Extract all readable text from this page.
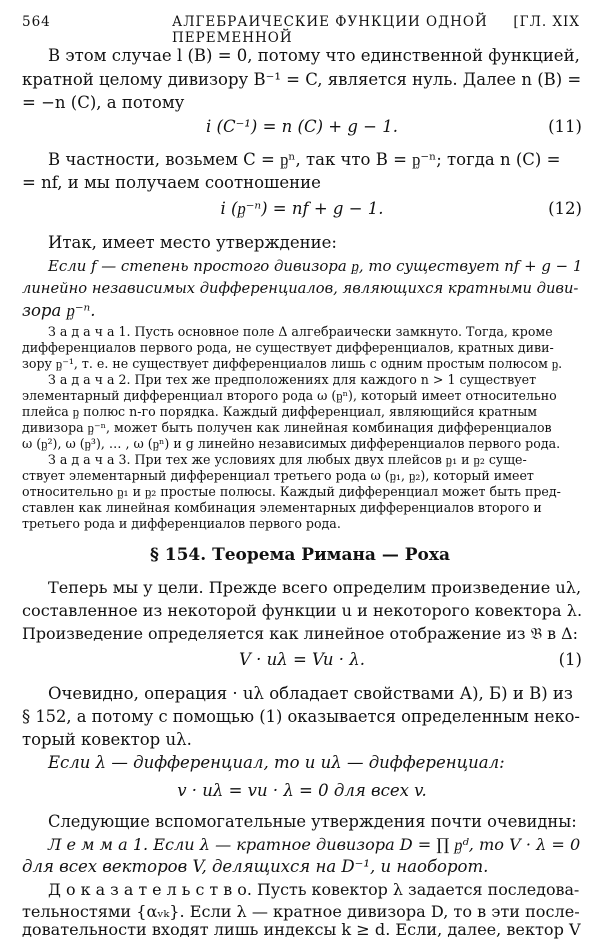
564	АЛГЕБРАИЧЕСКИЕ ФУНКЦИИ ОДНОЙ ПЕРЕМЕННОЙ
[ГЛ. XIX
В этом случае l (B) = 0, потому что единственной функцией,
кратной целому дивизору B⁻¹ = C, является нуль. Далее n (B) =
= −n (C), а потому
i (C⁻¹) = n (C) + g − 1.	(11)
В частности, возьмем C = ᶈⁿ, так что B = ᶈ⁻ⁿ; тогда n (C) =
= nf, и мы получаем соотношение
i (ᶈ⁻ⁿ) = nf + g − 1.	(12)
Итак, имеет место утверждение:
Если f — степень простого дивизора ᶈ, то существует nf + g − 1
линейно независимых дифференциалов, являющихся кратными диви-
зора ᶈ⁻ⁿ.
З а д а ч а 1. Пусть основное поле Δ алгебраически замкнуто. Тогда, кроме
дифференциалов первого рода, не существует дифференциалов, кратных диви-
зору ᶈ⁻¹, т. е. не существует дифференциалов лишь с одним простым полюсом ᶈ.
З а д а ч а 2. При тех же предположениях для каждого n > 1 существует
элементарный дифференциал второго рода ω (ᶈⁿ), который имеет относительно
плейса ᶈ полюс n-го порядка. Каждый дифференциал, являющийся кратным
дивизора ᶈ⁻ⁿ, может быть получен как линейная комбинация дифференциалов
ω (ᶈ²), ω (ᶈ³), … , ω (ᶈⁿ) и g линейно независимых дифференциалов первого рода.
З а д а ч а 3. При тех же условиях для любых двух плейсов ᶈ₁ и ᶈ₂ суще-
ствует элементарный дифференциал третьего рода ω (ᶈ₁, ᶈ₂), который имеет
относительно ᶈ₁ и ᶈ₂ простые полюсы. Каждый дифференциал может быть пред-
ставлен как линейная комбинация элементарных дифференциалов второго и
третьего рода и дифференциалов первого рода.
§ 154. Теорема Римана — Роха
Теперь мы у цели. Прежде всего определим произведение uλ,
составленное из некоторой функции u и некоторого ковектора λ.
Произведение определяется как линейное отображение из 𝔅 в Δ:
V · uλ = Vu · λ.	(1)
Очевидно, операция · uλ обладает свойствами А), Б) и В) из
§ 152, а потому с помощью (1) оказывается определенным неко-
торый ковектор uλ.
Если λ — дифференциал, то и uλ — дифференциал:
v · uλ = vu · λ = 0 для всех v.
Следующие вспомогательные утверждения почти очевидны:
Л е м м а 1. Если λ — кратное дивизора D = ∏ ᶈᵈ, то V · λ = 0
для всех векторов V, делящихся на D⁻¹, и наоборот.
Д о к а з а т е л ь с т в о. Пусть ковектор λ задается последова-
тельностями {αᵥₖ}. Если λ — кратное дивизора D, то в эти после-
довательности входят лишь индексы k ≥ d. Если, далее, вектор V
